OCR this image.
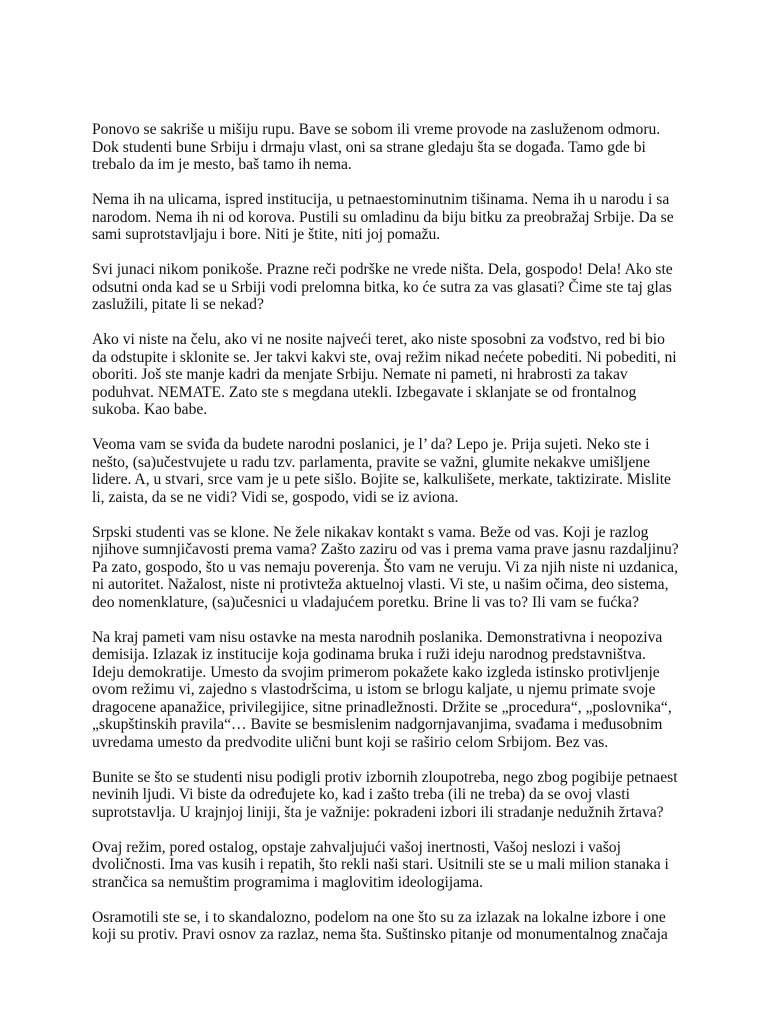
Ponovo se sakriše u mišiju rupu. Bave se sobom ili vreme provode na zasluženom odmoru.
Dok studenti bune Srbiju i drmaju vlast, oni sa strane gledaju šta se događa. Tamo gde bi
trebalo da im je mesto, baš tamo ih nema.

Nema ih na ulicama, ispred institucija, u petnaestominutnim tišinama. Nema ih u narodu i sa
narodom. Nema ih ni od korova. Pustili su omladinu da biju bitku za preobražaj Srbije. Da se
sami suprotstavljaju i bore. Niti je štite, niti joj pomažu.

Svi junaci nikom ponikoše. Prazne reči podrške ne vrede ništa. Dela, gospodo! Dela! Ako ste
odsutni onda kad se u Srbiji vodi prelomna bitka, ko će sutra za vas glasati? Čime ste taj glas
zaslužili, pitate li se nekad?

Ako vi niste na čelu, ako vi ne nosite najveći teret, ako niste sposobni za vođstvo, red bi bio
da odstupite i sklonite se. Jer takvi kakvi ste, ovaj režim nikad nećete pobediti. Ni pobediti, ni
oboriti. Još ste manje kadri da menjate Srbiju. Nemate ni pameti, ni hrabrosti za takav
poduhvat. NEMATE. Zato ste s megdana utekli. Izbegavate i sklanjate se od frontalnog
sukoba. Kao babe.

Veoma vam se sviđa da budete narodni poslanici, je l’ da? Lepo je. Prija sujeti. Neko ste i
nešto, (sa)učestvujete u radu tzv. parlamenta, pravite se važni, glumite nekakve umišljene
lidere. A, u stvari, srce vam je u pete sišlo. Bojite se, kalkulišete, merkate, taktizirate. Mislite
li, zaista, da se ne vidi? Vidi se, gospodo, vidi se iz aviona.

Srpski studenti vas se klone. Ne žele nikakav kontakt s vama. Beže od vas. Koji je razlog
njihove sumnjičavosti prema vama? Zašto zaziru od vas i prema vama prave jasnu razdaljinu?
Pa zato, gospodo, što u vas nemaju poverenja. Što vam ne veruju. Vi za njih niste ni uzdanica,
ni autoritet. Nažalost, niste ni protivteža aktuelnoj vlasti. Vi ste, u našim očima, deo sistema,
deo nomenklature, (sa)učesnici u vladajućem poretku. Brine li vas to? Ili vam se fućka?

Na kraj pameti vam nisu ostavke na mesta narodnih poslanika. Demonstrativna i neopoziva
demisija. Izlazak iz institucije koja godinama bruka i ruži ideju narodnog predstavništva.
Ideju demokratije. Umesto da svojim primerom pokažete kako izgleda istinsko protivljenje
ovom režimu vi, zajedno s vlastodršcima, u istom se brlogu kaljate, u njemu primate svoje
dragocene apanažice, privilegijice, sitne prinadležnosti. Držite se „procedura“, „poslovnika“,
„skupštinskih pravila“… Bavite se besmislenim nadgornjavanjima, svađama i međusobnim
uvredama umesto da predvodite ulični bunt koji se raširio celom Srbijom. Bez vas.

Bunite se što se studenti nisu podigli protiv izbornih zloupotreba, nego zbog pogibije petnaest
nevinih ljudi. Vi biste da određujete ko, kad i zašto treba (ili ne treba) da se ovoj vlasti
suprotstavlja. U krajnjoj liniji, šta je važnije: pokradeni izbori ili stradanje nedužnih žrtava?

Ovaj režim, pored ostalog, opstaje zahvaljujući vašoj inertnosti, Vašoj neslozi i vašoj
dvoličnosti. Ima vas kusih i repatih, što rekli naši stari. Usitnili ste se u mali milion stanaka i
strančica sa nemuštim programima i maglovitim ideologijama.

Osramotili ste se, i to skandalozno, podelom na one što su za izlazak na lokalne izbore i one
koji su protiv. Pravi osnov za razlaz, nema šta. Suštinsko pitanje od monumentalnog značaja
